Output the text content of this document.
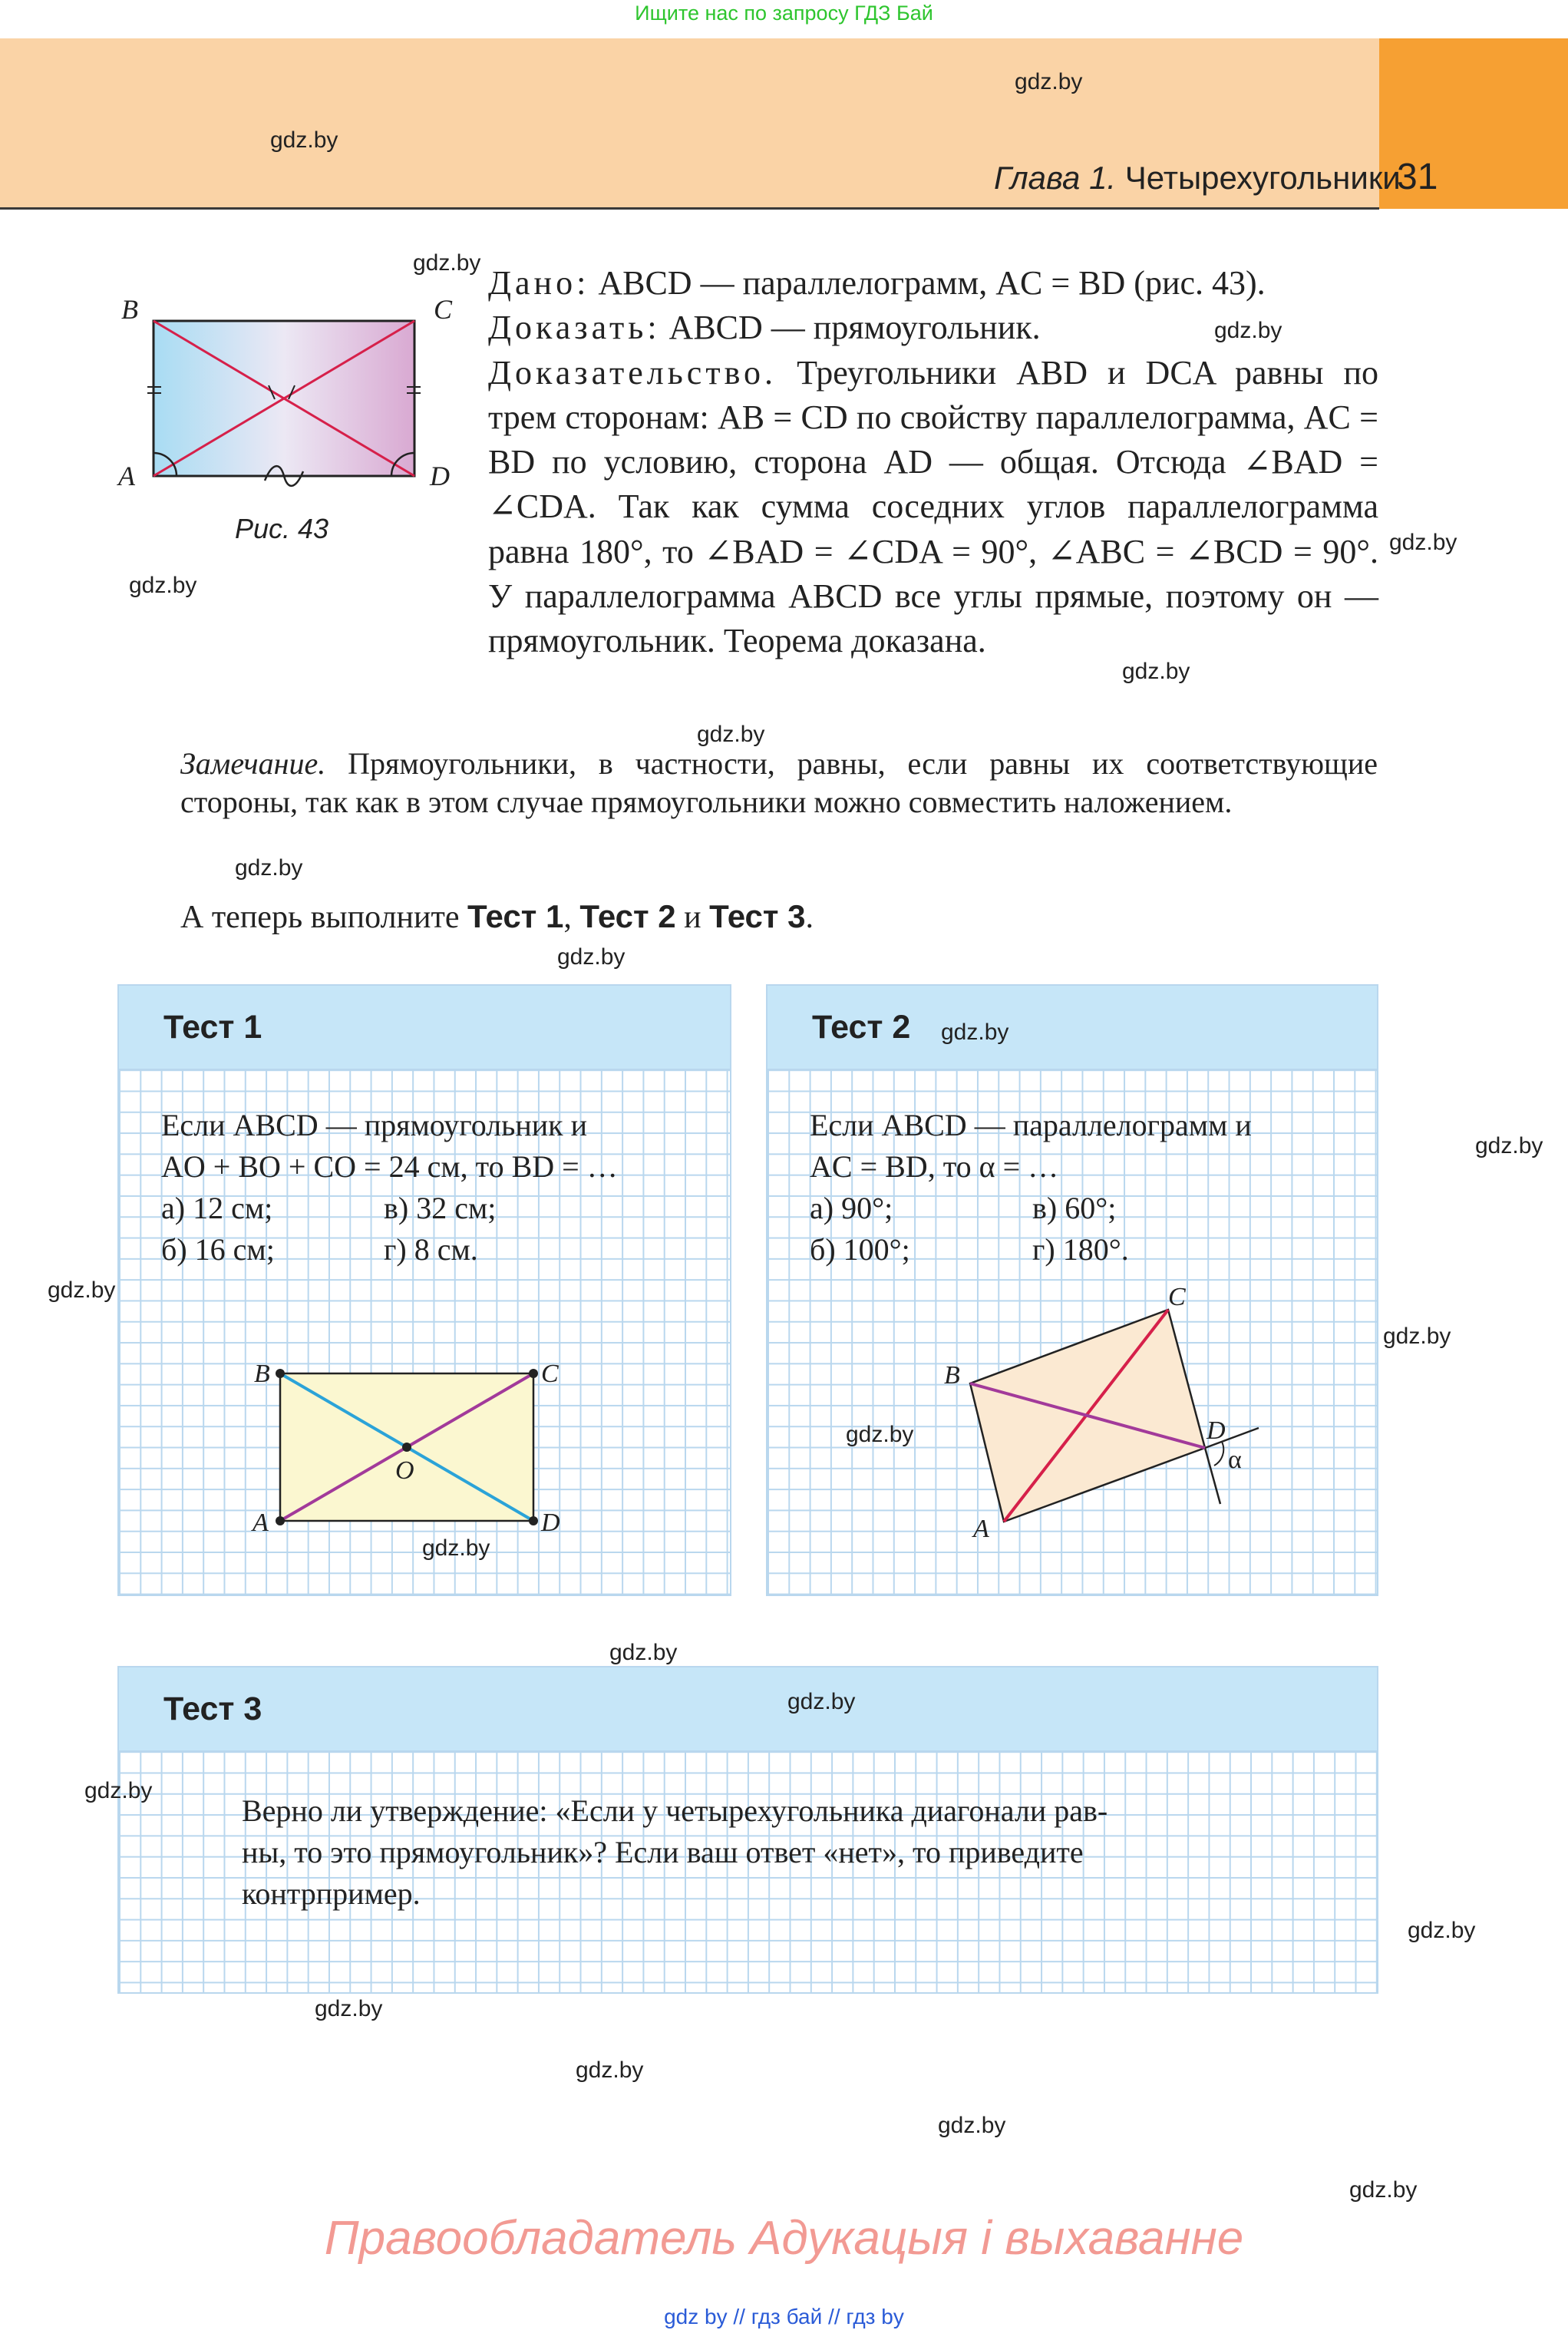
Ищите нас по запросу ГДЗ Бай
Глава 1. Четырехугольники
31
B	C
A	D
Рис. 43

Дано: ABCD — параллелограмм, AC = BD (рис. 43).

Доказать: ABCD — прямоугольник.

Доказательство. Треугольники ABD и DCA равны по трем сторонам: AB = CD по свойству параллелограмма, AC = BD по условию, сторона AD — общая. Отсюда ∠BAD = ∠CDA. Так как сумма соседних углов параллелограмма равна 180°, то ∠BAD = ∠CDA = 90°, ∠ABC = ∠BCD = 90°. У параллелограмма ABCD все углы прямые, поэтому он — прямоугольник. Теорема доказана.

Замечание. Прямоугольники, в частности, равны, если равны их соответствующие стороны, так как в этом случае прямоугольники можно совместить наложением.
А теперь выполните Тест 1, Тест 2 и Тест 3.
Тест 1

Если ABCD — прямоугольник и

AO + BO + CO = 24 см, то BD = …

а) 12 см;	в) 32 см;

б) 16 см;	г) 8 см.

B	C
A	D
O
Тест 2

Если ABCD — параллелограмм и

AC = BD, то α = …

а) 90°;	в) 60°;

б) 100°;	г) 180°.

B
C
A
D
α
Тест 3

Верно ли утверждение: «Если у четырехугольника диагонали рав-

ны, то это прямоугольник»? Если ваш ответ «нет», то приведите

контрпример.

gdz.by
gdz.by
gdz.by
gdz.by
gdz.by
gdz.by
gdz.by
gdz.by
gdz.by
gdz.by
gdz.by
gdz.by
gdz.by
gdz.by
gdz.by
gdz.by
gdz.by
gdz.by
gdz.by
gdz.by
gdz.by
gdz.by
gdz.by
gdz.by
Правообладатель Адукацыя і выхаванне
gdz by // гдз бай // гдз by
